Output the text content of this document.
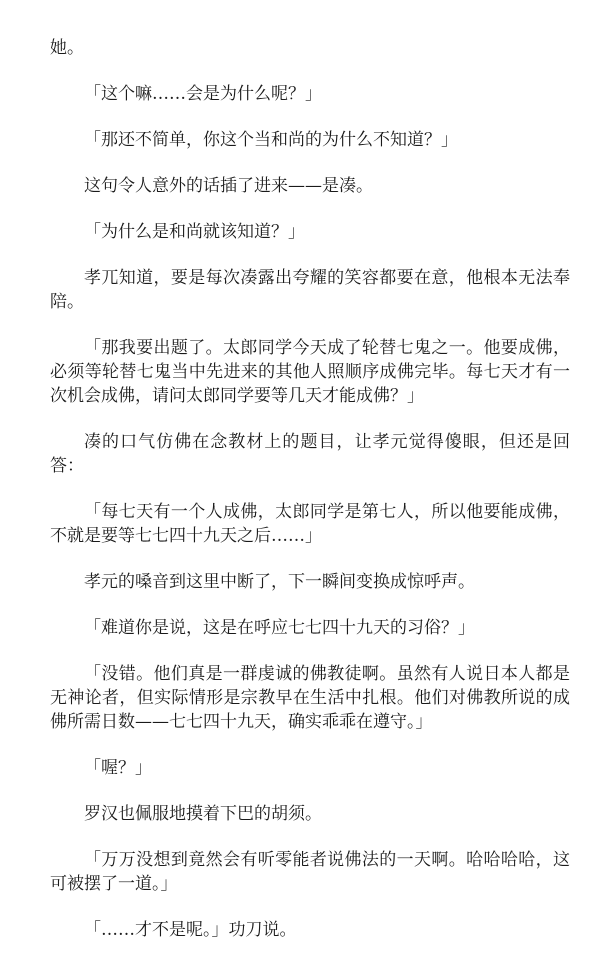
她。

「这个嘛……会是为什么呢？」

「那还不简单，你这个当和尚的为什么不知道？」

这句令人意外的话插了进来——是凑。

「为什么是和尚就该知道？」

孝兀知道，要是每次凑露出夸耀的笑容都要在意，他根本无法奉陪。

「那我要出题了。太郎同学今天成了轮替七鬼之一。他要成佛，必须等轮替七鬼当中先进来的其他人照顺序成佛完毕。每七天才有一次机会成佛，请问太郎同学要等几天才能成佛？」

凑的口气仿佛在念教材上的题目，让孝元觉得傻眼，但还是回答：

「每七天有一个人成佛，太郎同学是第七人，所以他要能成佛，不就是要等七七四十九天之后……」

孝元的嗓音到这里中断了，下一瞬间变换成惊呼声。

「难道你是说，这是在呼应七七四十九天的习俗？」

「没错。他们真是一群虔诚的佛教徒啊。虽然有人说日本人都是无神论者，但实际情形是宗教早在生活中扎根。他们对佛教所说的成佛所需日数——七七四十九天，确实乖乖在遵守。」

「喔？」

罗汉也佩服地摸着下巴的胡须。

「万万没想到竟然会有听零能者说佛法的一天啊。哈哈哈哈，这可被摆了一道。」

「……才不是呢。」功刀说。
